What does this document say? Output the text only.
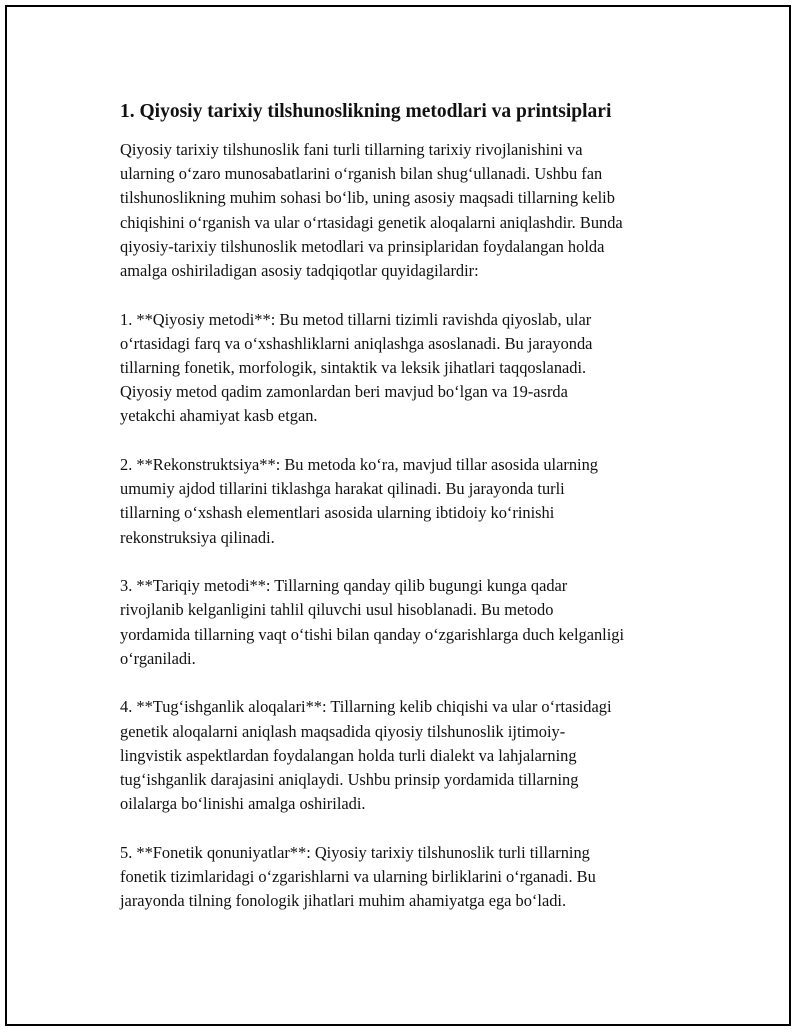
1. Qiyosiy tarixiy tilshunoslikning metodlari va printsiplari

Qiyosiy tarixiy tilshunoslik fani turli tillarning tarixiy rivojlanishini va
ularning o‘zaro munosabatlarini o‘rganish bilan shug‘ullanadi. Ushbu fan
tilshunoslikning muhim sohasi bo‘lib, uning asosiy maqsadi tillarning kelib
chiqishini o‘rganish va ular o‘rtasidagi genetik aloqalarni aniqlashdir. Bunda
qiyosiy-tarixiy tilshunoslik metodlari va prinsiplaridan foydalangan holda
amalga oshiriladigan asosiy tadqiqotlar quyidagilardir:

1. **Qiyosiy metodi**: Bu metod tillarni tizimli ravishda qiyoslab, ular
o‘rtasidagi farq va o‘xshashliklarni aniqlashga asoslanadi. Bu jarayonda
tillarning fonetik, morfologik, sintaktik va leksik jihatlari taqqoslanadi.
Qiyosiy metod qadim zamonlardan beri mavjud bo‘lgan va 19-asrda
yetakchi ahamiyat kasb etgan.

2. **Rekonstruktsiya**: Bu metoda ko‘ra, mavjud tillar asosida ularning
umumiy ajdod tillarini tiklashga harakat qilinadi. Bu jarayonda turli
tillarning o‘xshash elementlari asosida ularning ibtidoiy ko‘rinishi
rekonstruksiya qilinadi.

3. **Tariqiy metodi**: Tillarning qanday qilib bugungi kunga qadar
rivojlanib kelganligini tahlil qiluvchi usul hisoblanadi. Bu metodo
yordamida tillarning vaqt o‘tishi bilan qanday o‘zgarishlarga duch kelganligi
o‘rganiladi.

4. **Tug‘ishganlik aloqalari**: Tillarning kelib chiqishi va ular o‘rtasidagi
genetik aloqalarni aniqlash maqsadida qiyosiy tilshunoslik ijtimoiy-
lingvistik aspektlardan foydalangan holda turli dialekt va lahjalarning
tug‘ishganlik darajasini aniqlaydi. Ushbu prinsip yordamida tillarning
oilalarga bo‘linishi amalga oshiriladi.

5. **Fonetik qonuniyatlar**: Qiyosiy tarixiy tilshunoslik turli tillarning
fonetik tizimlaridagi o‘zgarishlarni va ularning birliklarini o‘rganadi. Bu
jarayonda tilning fonologik jihatlari muhim ahamiyatga ega bo‘ladi.
